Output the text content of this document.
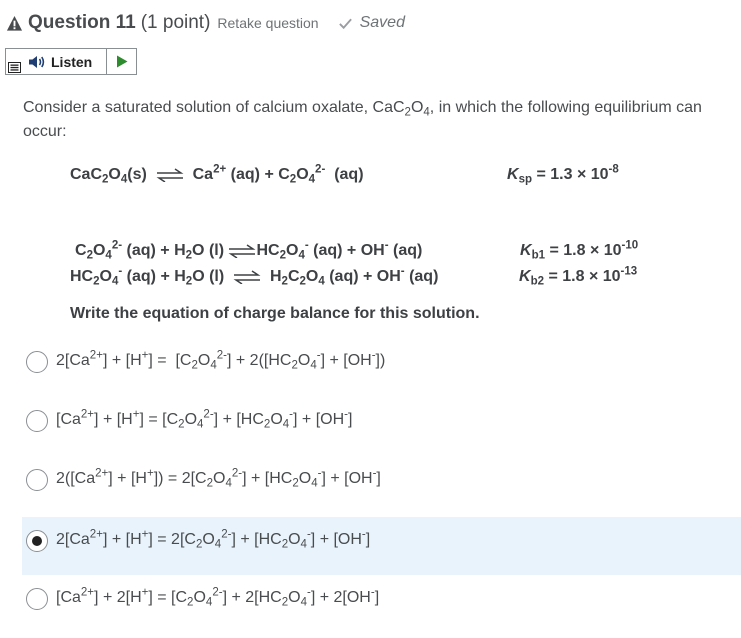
Question 11 (1 point) Retake question	Saved
Listen
Consider a saturated solution of calcium oxalate, $CaC_2O_4$, in which the following equilibrium can occur:
$CaC_2O_4(s)$ ⇌ $Ca^{2+}$ $(aq) + C_2O_4^{2-}$  (aq)	$K_{sp} = 1.3 \times 10^{-8}$
$C_2O_4^{2-}$ $(aq) + H_2O$ (l) $\rightleftharpoons HC_2O_4^-$ (aq) + OH- (aq)	$K_{b1} = 1.8 \times 10^{-10}$
$HC_2O_4^-$ $(aq) + H_2O$ (l) ⇌ $H_2C_2O_4$ (aq) + OH- (aq)	$K_{b2} = 1.8 \times 10^{-13}$
Write the equation of charge balance for this solution.
$2[Ca^{2+}] + [H^+] = [C_2O_4^{2-}] + 2([HC_2O_4^-] + [OH^-])$
$[Ca^{2+}] + [H^+] = [C_2O_4^{2-}] + [HC_2O_4^-] + [OH^-]$
$2([Ca^{2+}] + [H^+]) = 2[C_2O_4^{2-}] + [HC_2O_4^-] + [OH^-]$
$2[Ca^{2+}] + [H^+] = 2[C_2O_4^{2-}] + [HC_2O_4^-] + [OH^-]$
$[Ca^{2+}] + 2[H^+] = [C_2O_4^{2-}] + 2[HC_2O_4^-] + 2[OH^-]$
